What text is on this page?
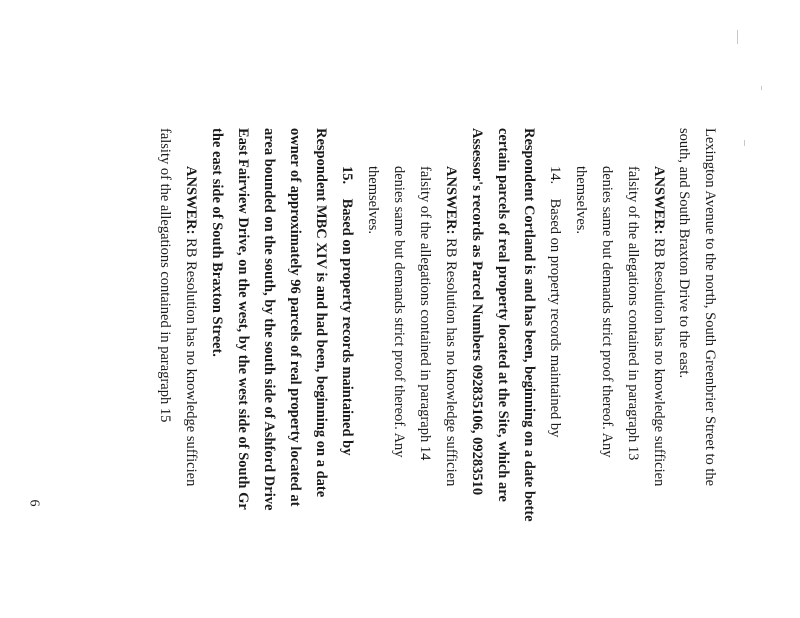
Lexington Avenue to the north, South Greenbrier Street to the
south, and South Braxton Drive to the east.
ANSWER: RB Resolution has no knowledge sufficien
falsity of the allegations contained in paragraph 13
denies same but demands strict proof thereof. Any
themselves.
14.    Based on property records maintained by
Respondent Cortland is and has been, beginning on a date bette
certain parcels of real property located at the Site, which are
Assessor's records as Parcel Numbers 092835106, 09283510
ANSWER: RB Resolution has no knowledge sufficien
falsity of the allegations contained in paragraph 14
denies same but demands strict proof thereof. Any
themselves.
15.    Based on property records maintained by
Respondent MBC XIV is and had been, beginning on a date
owner of approximately 96 parcels of real property located at
area bounded on the south, by the south side of Ashford Drive
East Fairview Drive, on the west, by the west side of South Gr
the east side of South Braxton Street.
ANSWER: RB Resolution has no knowledge sufficien
falsity of the allegations contained in paragraph 15
6
